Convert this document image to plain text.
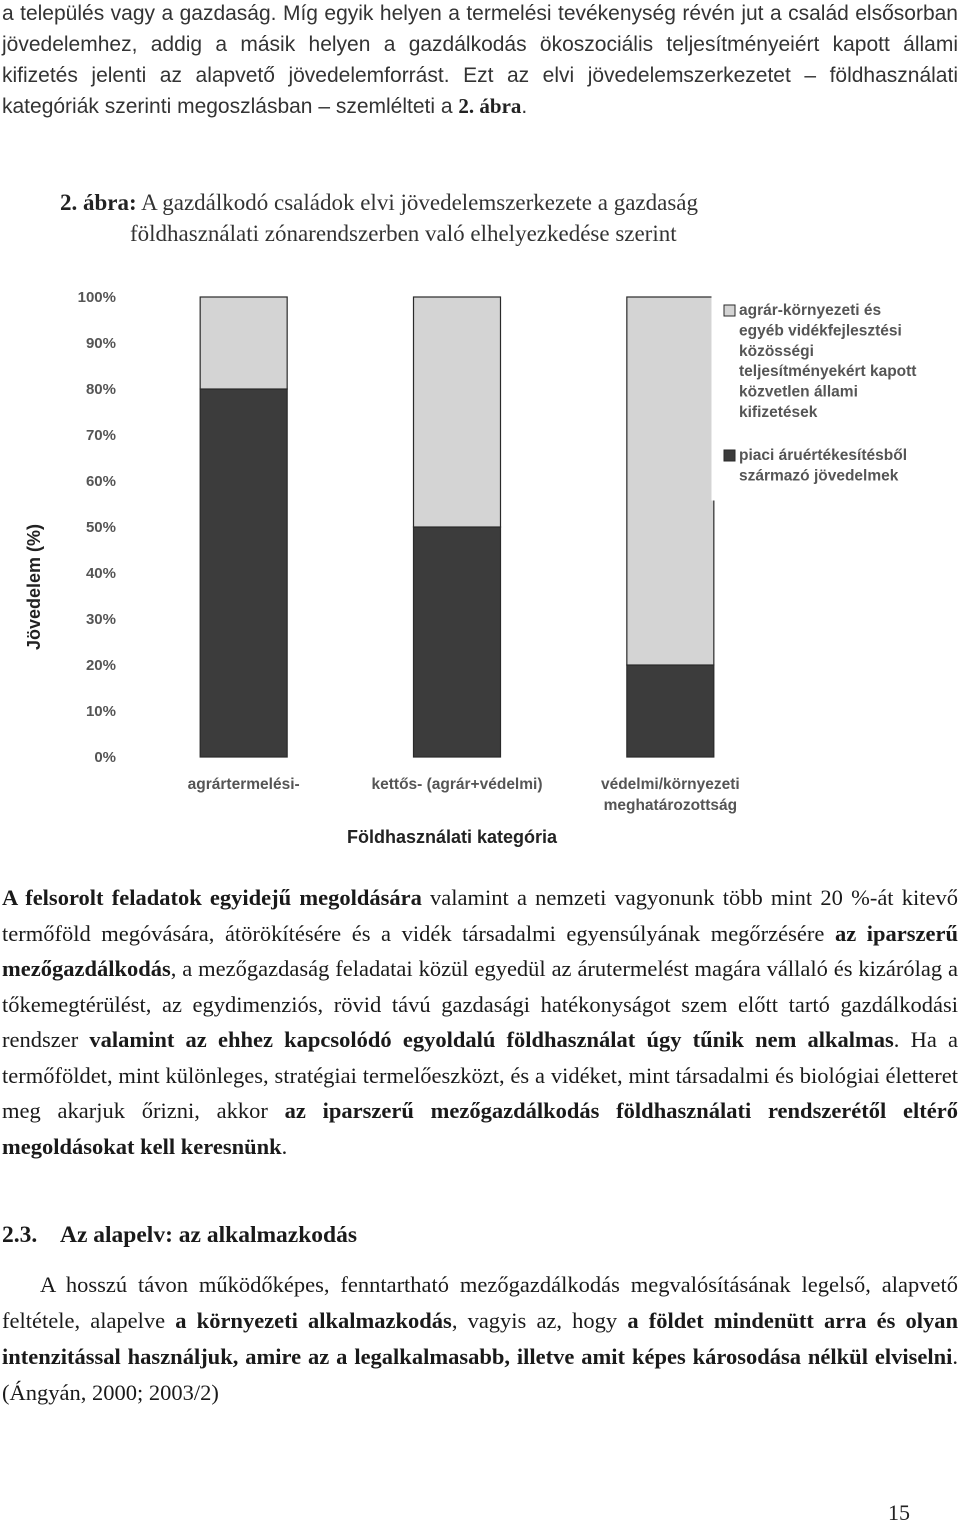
a település vagy a gazdaság. Míg egyik helyen a termelési tevékenység révén jut a család elsősorban jövedelemhez, addig a másik helyen a gazdálkodás ökoszociális teljesítményeiért kapott állami kifizetés jelenti az alapvető jövedelemforrást. Ezt az elvi jövedelemszerkezetet – földhasználati kategóriák szerinti megoszlásban – szemlélteti a 2. ábra.

2. ábra: A gazdálkodó családok elvi jövedelemszerkezete a gazdaság
földhasználati zónarendszerben való elhelyezkedése szerint
0%
10%
20%
30%
40%
50%
60%
70%
80%
90%
100%
Jövedelem (%)
agrártermelési-	kettős- (agrár+védelmi)	védelmi/környezeti
meghatározottság
Földhasználati kategória
agrár-környezeti és
egyéb vidékfejlesztési
közösségi
teljesítményekért kapott
közvetlen állami
kifizetések
piaci áruértékesítésből
származó jövedelmek

A felsorolt feladatok egyidejű megoldására valamint a nemzeti vagyonunk több mint 20 %-át kitevő termőföld megóvására, átörökítésére és a vidék társadalmi egyensúlyának megőrzésére az iparszerű mezőgazdálkodás, a mezőgazdaság feladatai közül egyedül az árutermelést magára vállaló és kizárólag a tőkemegtérülést, az egydimenziós, rövid távú gazdasági hatékonyságot szem előtt tartó gazdálkodási rendszer valamint az ehhez kapcsolódó egyoldalú földhasználat úgy tűnik nem alkalmas. Ha a termőföldet, mint különleges, stratégiai termelőeszközt, és a vidéket, mint társadalmi és biológiai életteret meg akarjuk őrizni, akkor az iparszerű mezőgazdálkodás földhasználati rendszerétől eltérő megoldásokat kell keresnünk.

2.3. Az alapelv: az alkalmazkodás

A hosszú távon működőképes, fenntartható mezőgazdálkodás megvalósításának legelső, alapvető feltétele, alapelve a környezeti alkalmazkodás, vagyis az, hogy a földet mindenütt arra és olyan intenzitással használjuk, amire az a legalkalmasabb, illetve amit képes károsodása nélkül elviselni. (Ángyán, 2000; 2003/2)

15
